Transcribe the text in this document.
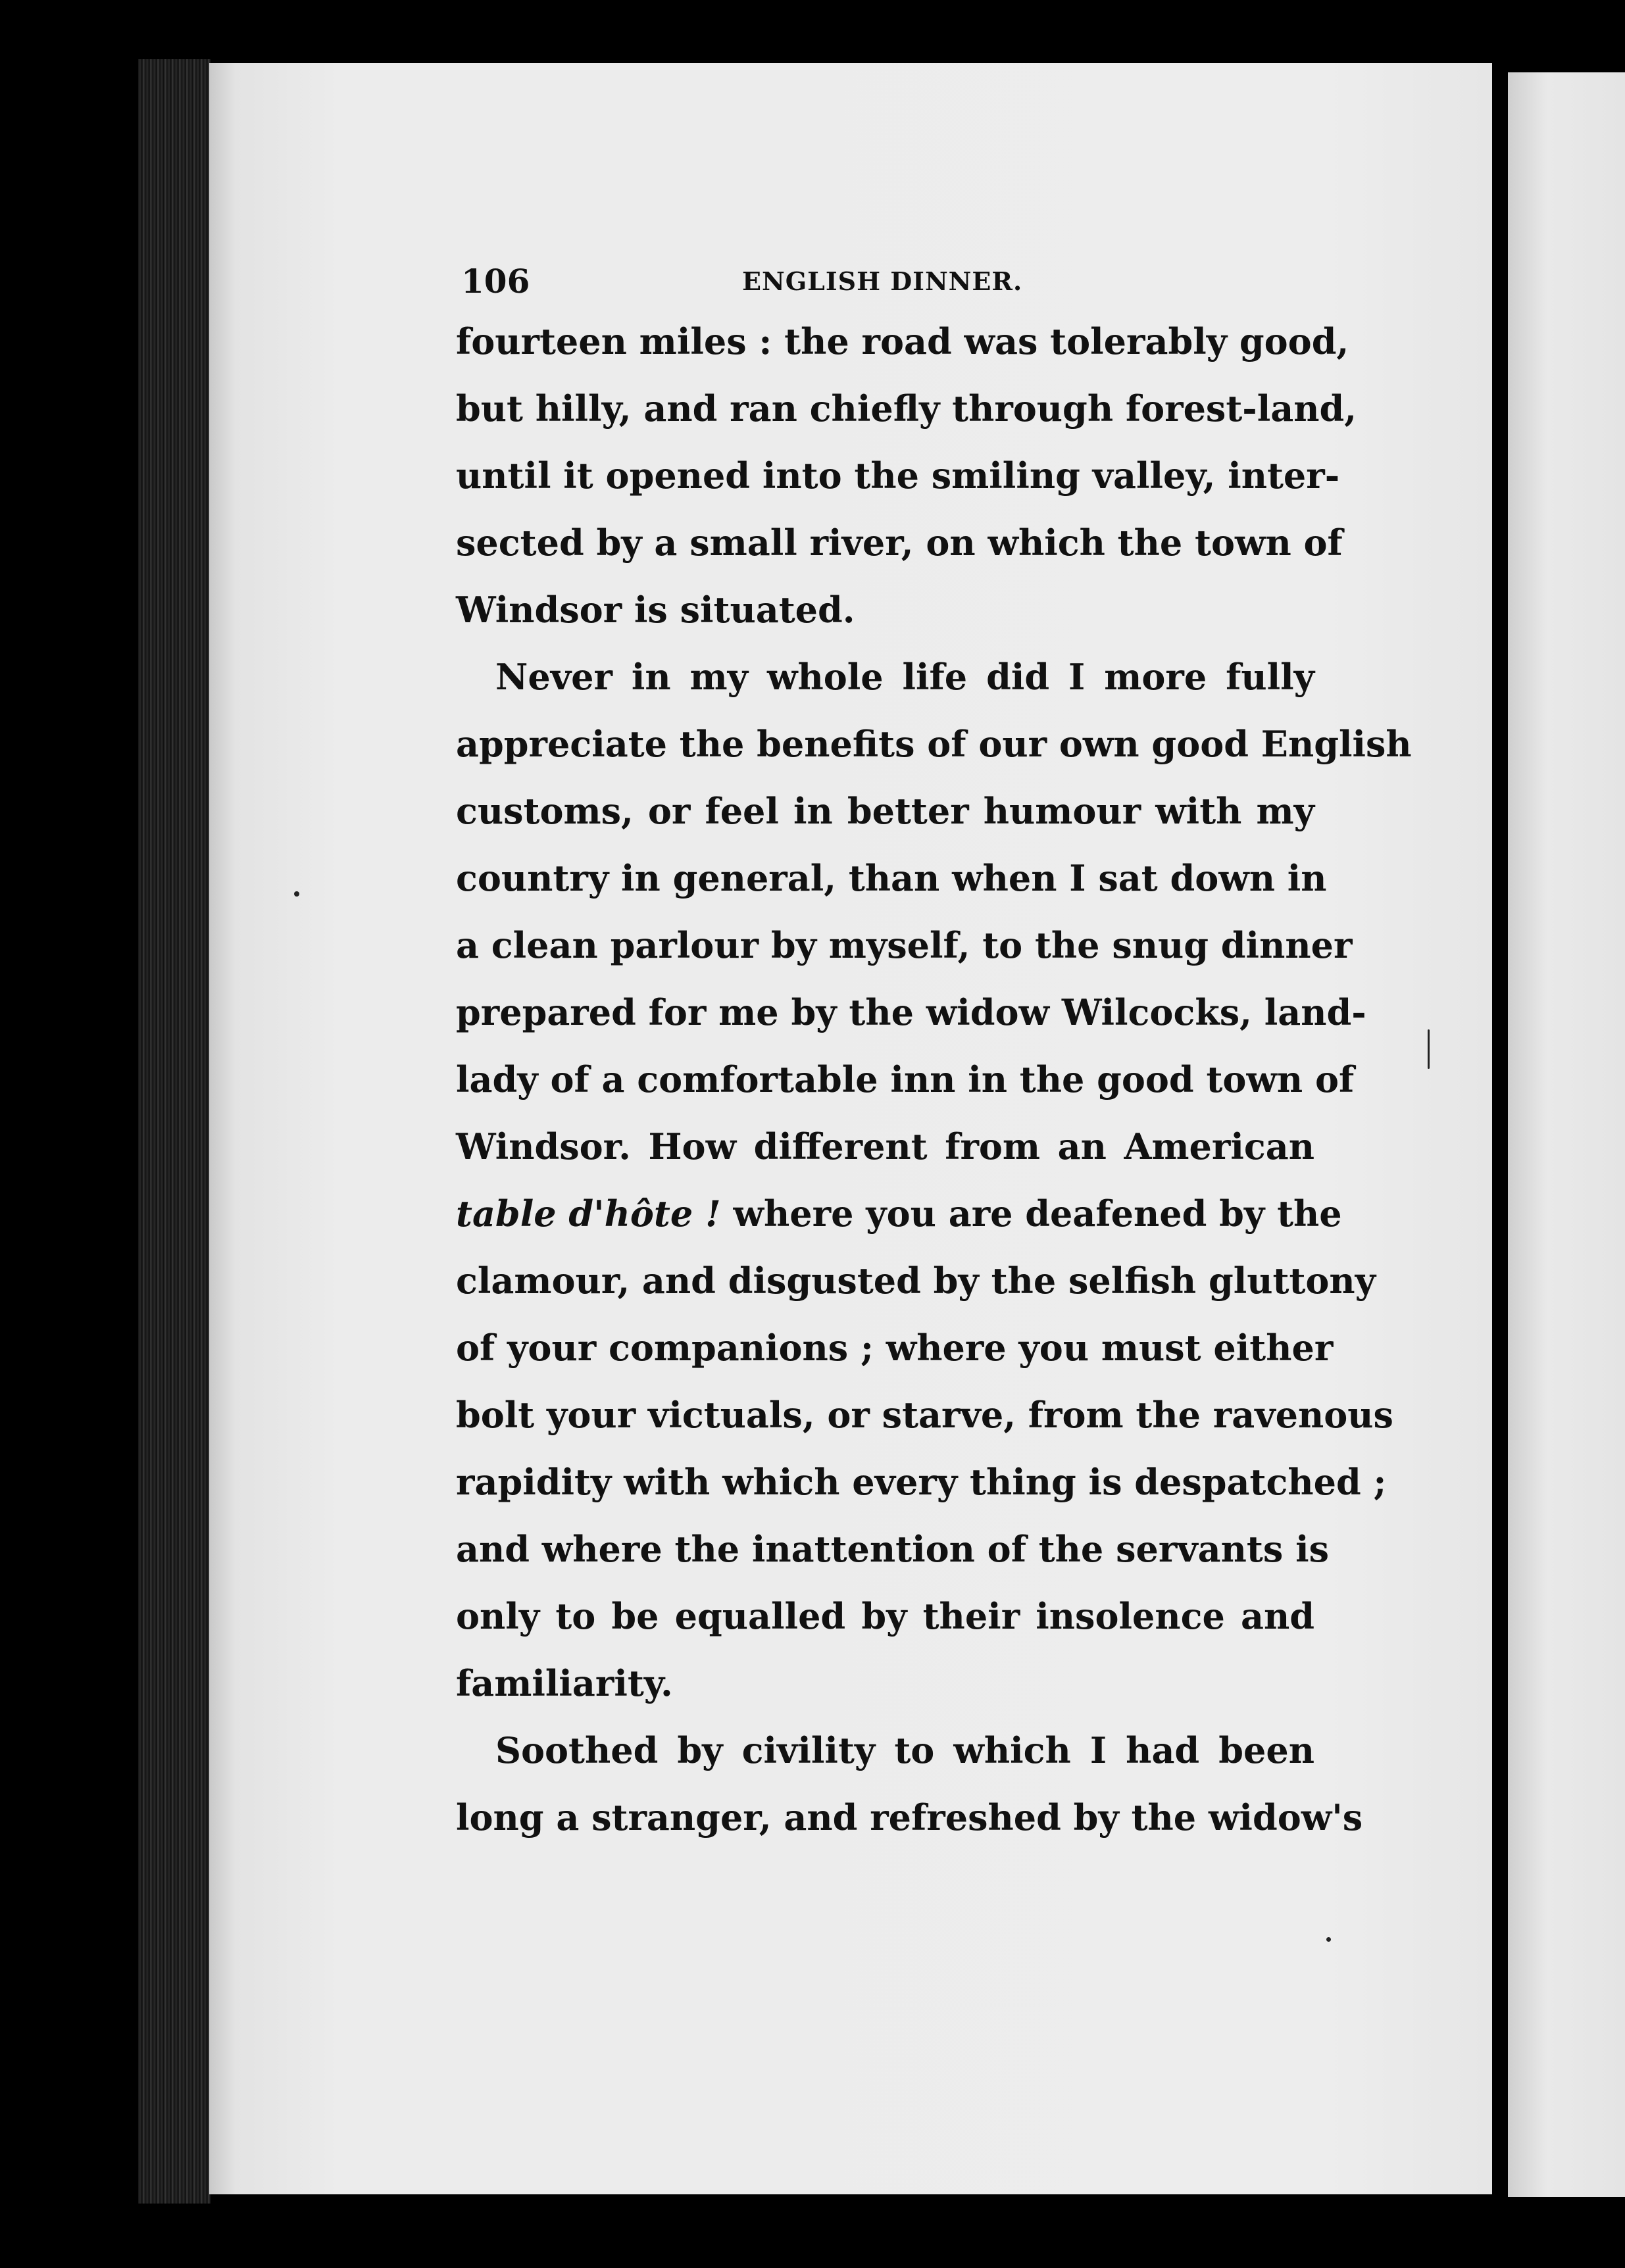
106	ENGLISH DINNER.
fourteen miles : the road was tolerably good,
but hilly, and ran chiefly through forest-land,
until it opened into the smiling valley, inter-
sected by a small river, on which the town of
Windsor is situated.
Never in my whole life did I more fully
appreciate the benefits of our own good English
customs, or feel in better humour with my
country in general, than when I sat down in
a clean parlour by myself, to the snug dinner
prepared for me by the widow Wilcocks, land-
lady of a comfortable inn in the good town of
Windsor. How different from an American
table d'hôte ! where you are deafened by the
clamour, and disgusted by the selfish gluttony
of your companions ; where you must either
bolt your victuals, or starve, from the ravenous
rapidity with which every thing is despatched ;
and where the inattention of the servants is
only to be equalled by their insolence and
familiarity.
Soothed by civility to which I had been
long a stranger, and refreshed by the widow's
